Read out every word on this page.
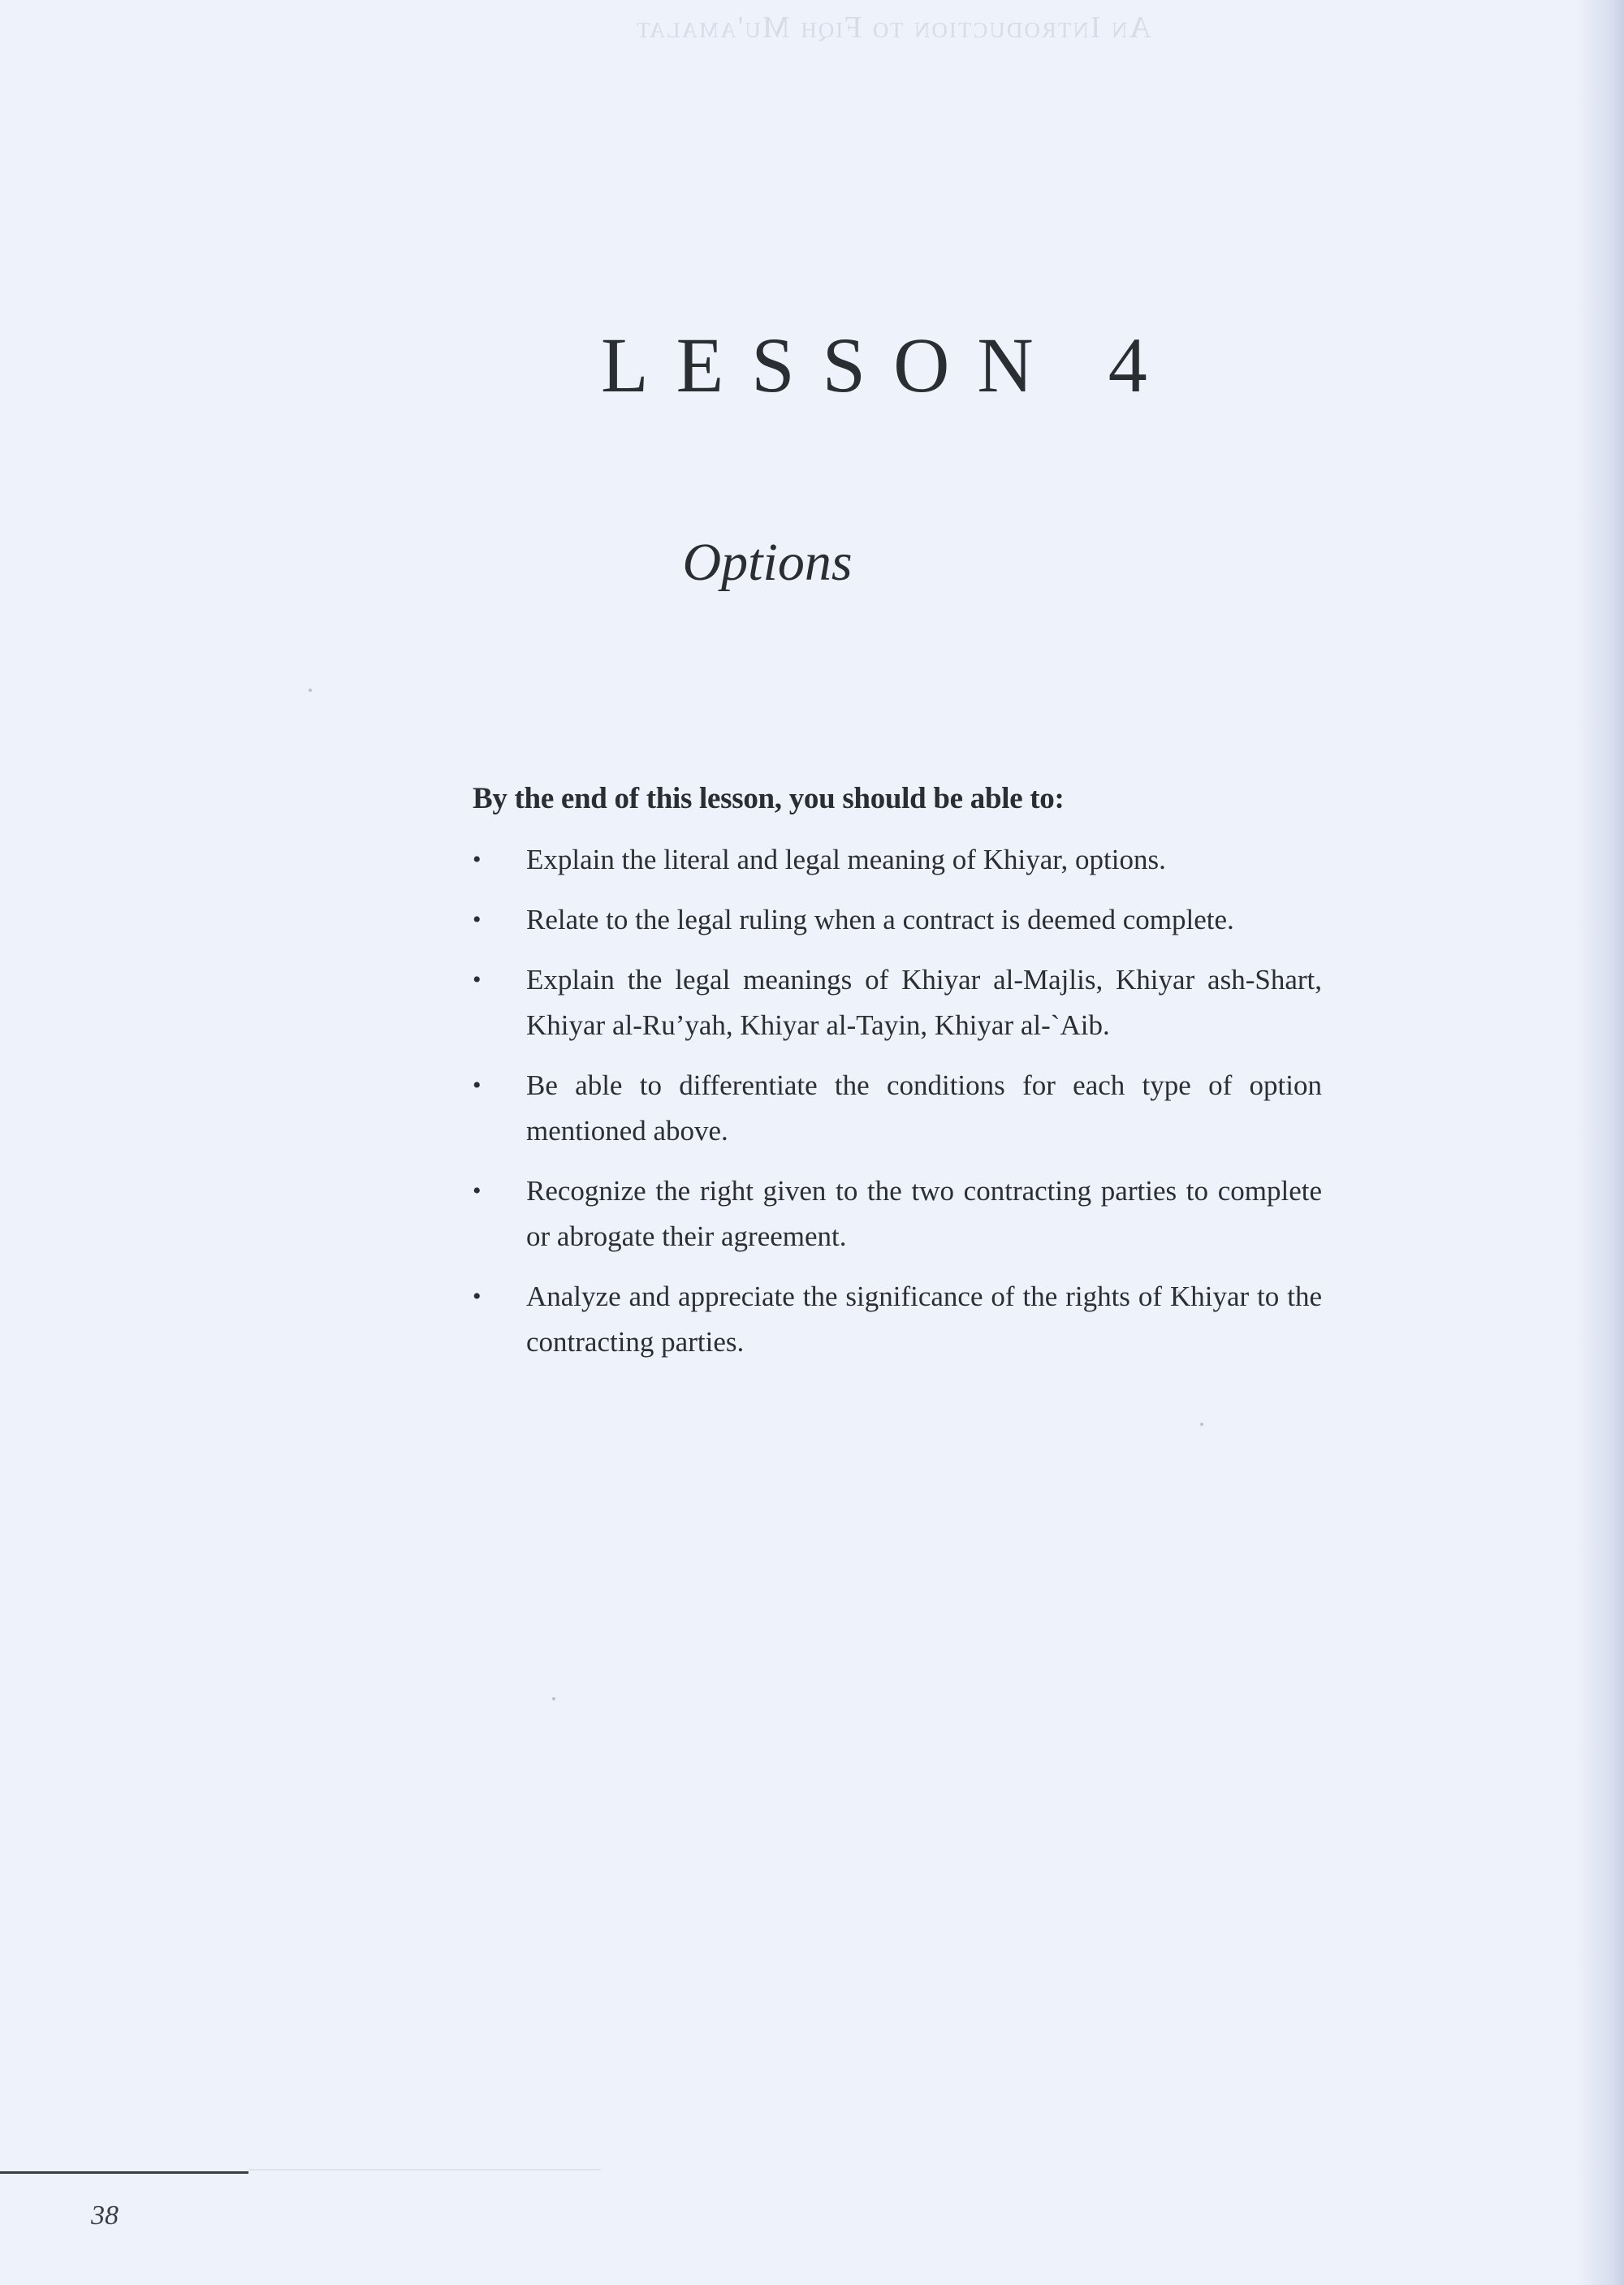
An Introduction to Fiqh Mu'amalat
LESSON 4
Options
By the end of this lesson, you should be able to:
• Explain the literal and legal meaning of Khiyar, options.
• Relate to the legal ruling when a contract is deemed complete.
• Explain the legal meanings of Khiyar al-Majlis, Khiyar ash-Shart, Khiyar al-Ru’yah, Khiyar al-Tayin, Khiyar al-`Aib.
• Be able to differentiate the conditions for each type of option mentioned above.
• Recognize the right given to the two contracting parties to complete or abrogate their agreement.
• Analyze and appreciate the significance of the rights of Khiyar to the contracting parties.
38
